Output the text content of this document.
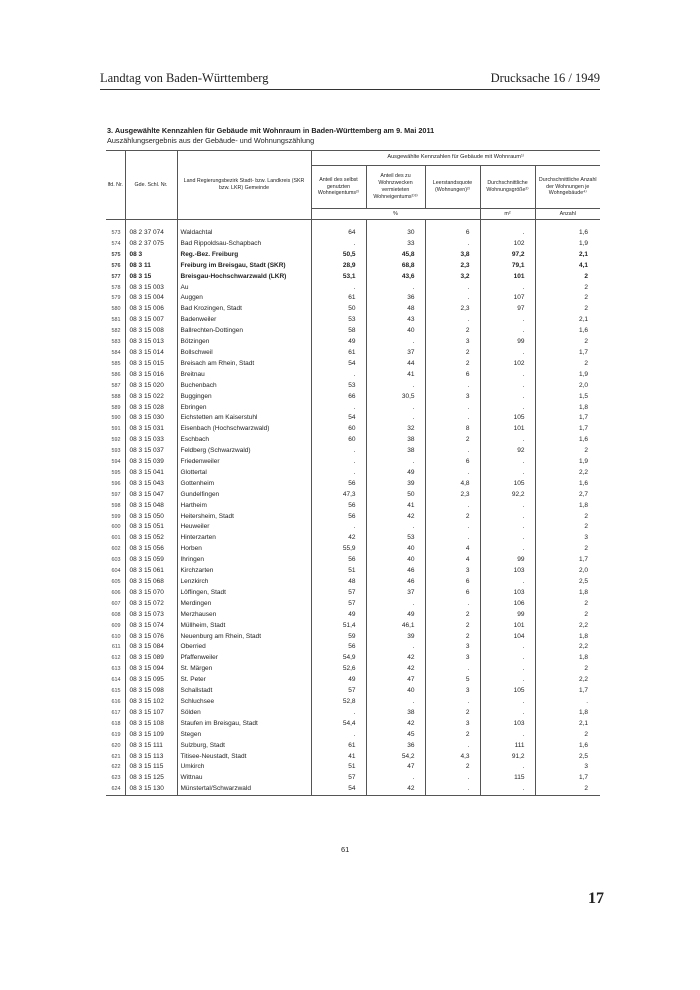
Landtag von Baden-Württemberg	Drucksache 16 / 1949
3. Ausgewählte Kennzahlen für Gebäude mit Wohnraum in Baden-Württemberg am 9. Mai 2011
Auszählungsergebnis aus der Gebäude- und Wohnungszählung
lfd. Nr.	Gde. Schl. Nr.	Land Regierungsbezirk Stadt- bzw. Landkreis (SKR bzw. LKR) Gemeinde	Ausgewählte Kennzahlen für Gebäude mit Wohnraum¹⁾				
			Anteil des selbst genutzten Wohneigentums²⁾	Anteil des zu Wohnzwecken vermieteten Wohneigentums²⁾³⁾	Leerstandsquote (Wohnungen)²⁾	Durchschnittliche Wohnungsgröße²⁾	Durchschnittliche Anzahl der Wohnungen je Wohngebäude⁴⁾
			%			m²	Anzahl

573	08 2 37 074	Waldachtal	64	30	6	.	1,6
574	08 2 37 075	Bad Rippoldsau-Schapbach	.	33	.	102	1,9
575	08 3	Reg.-Bez. Freiburg	50,5	45,8	3,8	97,2	2,1
576	08 3 11	Freiburg im Breisgau, Stadt (SKR)	28,9	68,8	2,3	79,1	4,1
577	08 3 15	Breisgau-Hochschwarzwald (LKR)	53,1	43,6	3,2	101	2
578	08 3 15 003	Au	.	.	.	.	2
579	08 3 15 004	Auggen	61	36	.	107	2
580	08 3 15 006	Bad Krozingen, Stadt	50	48	2,3	97	2
581	08 3 15 007	Badenweiler	53	43	.	.	2,1
582	08 3 15 008	Ballrechten-Dottingen	58	40	2	.	1,6
583	08 3 15 013	Bötzingen	49	.	3	99	2
584	08 3 15 014	Bollschweil	61	37	2	.	1,7
585	08 3 15 015	Breisach am Rhein, Stadt	54	44	2	102	2
586	08 3 15 016	Breitnau	.	41	6	.	1,9
587	08 3 15 020	Buchenbach	53	.	.	.	2,0
588	08 3 15 022	Buggingen	66	30,5	3	.	1,5
589	08 3 15 028	Ebringen	.	.	.	.	1,8
590	08 3 15 030	Eichstetten am Kaiserstuhl	54	.	.	105	1,7
591	08 3 15 031	Eisenbach (Hochschwarzwald)	60	32	8	101	1,7
592	08 3 15 033	Eschbach	60	38	2	.	1,6
593	08 3 15 037	Feldberg (Schwarzwald)	.	38	.	92	2
594	08 3 15 039	Friedenweiler	.	.	6	.	1,9
595	08 3 15 041	Glottertal	.	49	.	.	2,2
596	08 3 15 043	Gottenheim	56	39	4,8	105	1,6
597	08 3 15 047	Gundelfingen	47,3	50	2,3	92,2	2,7
598	08 3 15 048	Hartheim	56	41	.	.	1,8
599	08 3 15 050	Heitersheim, Stadt	56	42	2	.	2
600	08 3 15 051	Heuweiler	.	.	.	.	2
601	08 3 15 052	Hinterzarten	42	53	.	.	3
602	08 3 15 056	Horben	55,9	40	4	.	2
603	08 3 15 059	Ihringen	56	40	4	99	1,7
604	08 3 15 061	Kirchzarten	51	46	3	103	2,0
605	08 3 15 068	Lenzkirch	48	46	6	.	2,5
606	08 3 15 070	Löffingen, Stadt	57	37	6	103	1,8
607	08 3 15 072	Merdingen	57	.	.	106	2
608	08 3 15 073	Merzhausen	49	49	2	99	2
609	08 3 15 074	Müllheim, Stadt	51,4	46,1	2	101	2,2
610	08 3 15 076	Neuenburg am Rhein, Stadt	59	39	2	104	1,8
611	08 3 15 084	Oberried	56	.	3	.	2,2
612	08 3 15 089	Pfaffenweiler	54,9	42	3	.	1,8
613	08 3 15 094	St. Märgen	52,6	42	.	.	2
614	08 3 15 095	St. Peter	49	47	5	.	2,2
615	08 3 15 098	Schallstadt	57	40	3	105	1,7
616	08 3 15 102	Schluchsee	52,8	.	.	.	.
617	08 3 15 107	Sölden	.	38	2	.	1,8
618	08 3 15 108	Staufen im Breisgau, Stadt	54,4	42	3	103	2,1
619	08 3 15 109	Stegen	.	45	2	.	2
620	08 3 15 111	Sulzburg, Stadt	61	36	.	111	1,6
621	08 3 15 113	Titisee-Neustadt, Stadt	41	54,2	4,3	91,2	2,5
622	08 3 15 115	Umkirch	51	47	2	.	3
623	08 3 15 125	Wittnau	57	.	.	115	1,7
624	08 3 15 130	Münstertal/Schwarzwald	54	42	.	.	2
61
17
